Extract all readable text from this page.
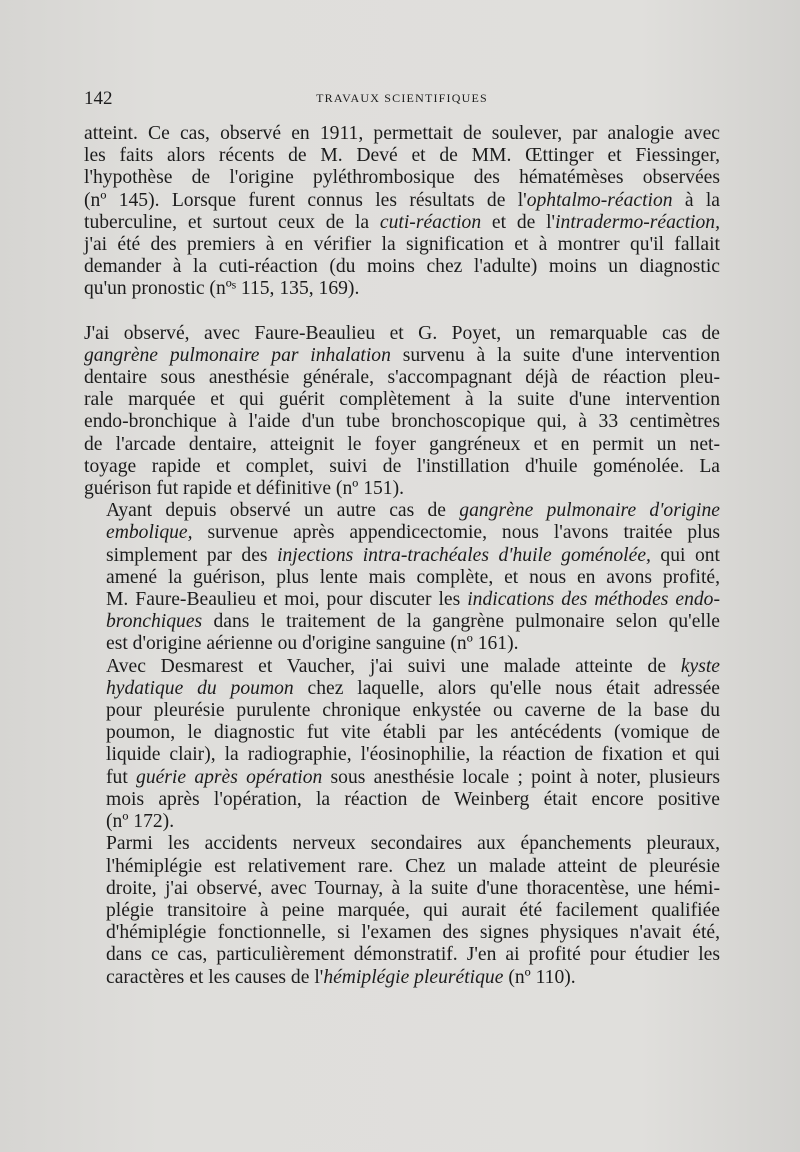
142	TRAVAUX SCIENTIFIQUES

atteint. Ce cas, observé en 1911, permettait de soulever, par analogie avec
les faits alors récents de M. Devé et de MM. Œttinger et Fiessinger,
l'hypothèse de l'origine pyléthrombosique des hématémèses observées
(nº 145). Lorsque furent connus les résultats de l'ophtalmo-réaction à la
tuberculine, et surtout ceux de la cuti-réaction et de l'intradermo-réaction,
j'ai été des premiers à en vérifier la signification et à montrer qu'il fallait
demander à la cuti-réaction (du moins chez l'adulte) moins un diagnostic
qu'un pronostic (nºˢ 115, 135, 169).

J'ai observé, avec Faure-Beaulieu et G. Poyet, un remarquable cas de
gangrène pulmonaire par inhalation survenu à la suite d'une intervention
dentaire sous anesthésie générale, s'accompagnant déjà de réaction pleu-
rale marquée et qui guérit complètement à la suite d'une intervention
endo-bronchique à l'aide d'un tube bronchoscopique qui, à 33 centimètres
de l'arcade dentaire, atteignit le foyer gangréneux et en permit un net-
toyage rapide et complet, suivi de l'instillation d'huile goménolée. La
guérison fut rapide et définitive (nº 151).

Ayant depuis observé un autre cas de gangrène pulmonaire d'origine
embolique, survenue après appendicectomie, nous l'avons traitée plus
simplement par des injections intra-trachéales d'huile goménolée, qui ont
amené la guérison, plus lente mais complète, et nous en avons profité,
M. Faure-Beaulieu et moi, pour discuter les indications des méthodes endo-
bronchiques dans le traitement de la gangrène pulmonaire selon qu'elle
est d'origine aérienne ou d'origine sanguine (nº 161).

Avec Desmarest et Vaucher, j'ai suivi une malade atteinte de kyste
hydatique du poumon chez laquelle, alors qu'elle nous était adressée
pour pleurésie purulente chronique enkystée ou caverne de la base du
poumon, le diagnostic fut vite établi par les antécédents (vomique de
liquide clair), la radiographie, l'éosinophilie, la réaction de fixation et qui
fut guérie après opération sous anesthésie locale ; point à noter, plusieurs
mois après l'opération, la réaction de Weinberg était encore positive
(nº 172).

Parmi les accidents nerveux secondaires aux épanchements pleuraux,
l'hémiplégie est relativement rare. Chez un malade atteint de pleurésie
droite, j'ai observé, avec Tournay, à la suite d'une thoracentèse, une hémi-
plégie transitoire à peine marquée, qui aurait été facilement qualifiée
d'hémiplégie fonctionnelle, si l'examen des signes physiques n'avait été,
dans ce cas, particulièrement démonstratif. J'en ai profité pour étudier les
caractères et les causes de l'hémiplégie pleurétique (nº 110).
